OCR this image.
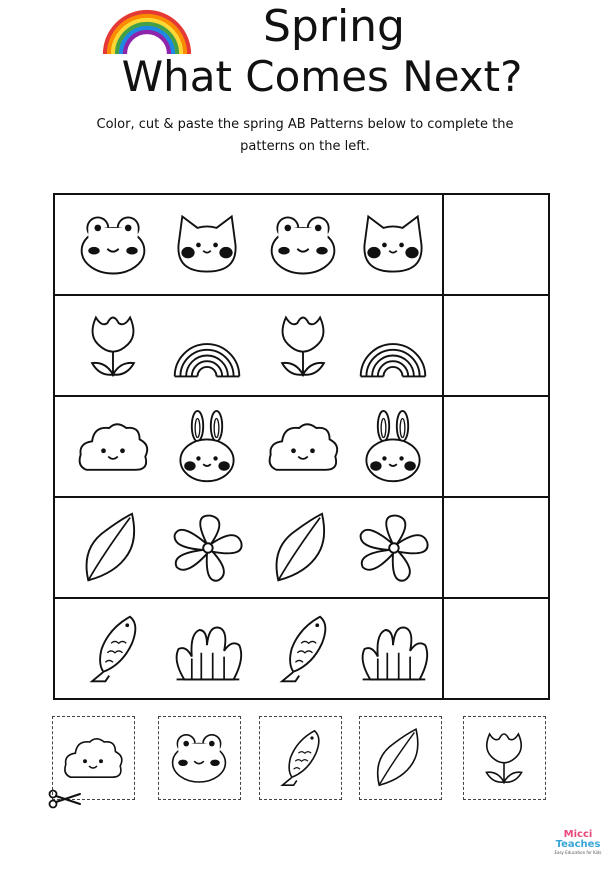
Spring
What Comes Next?
Color, cut & paste the spring AB Patterns below to complete the patterns on the left.
Micci
Teaches
Easy Education for Kids
